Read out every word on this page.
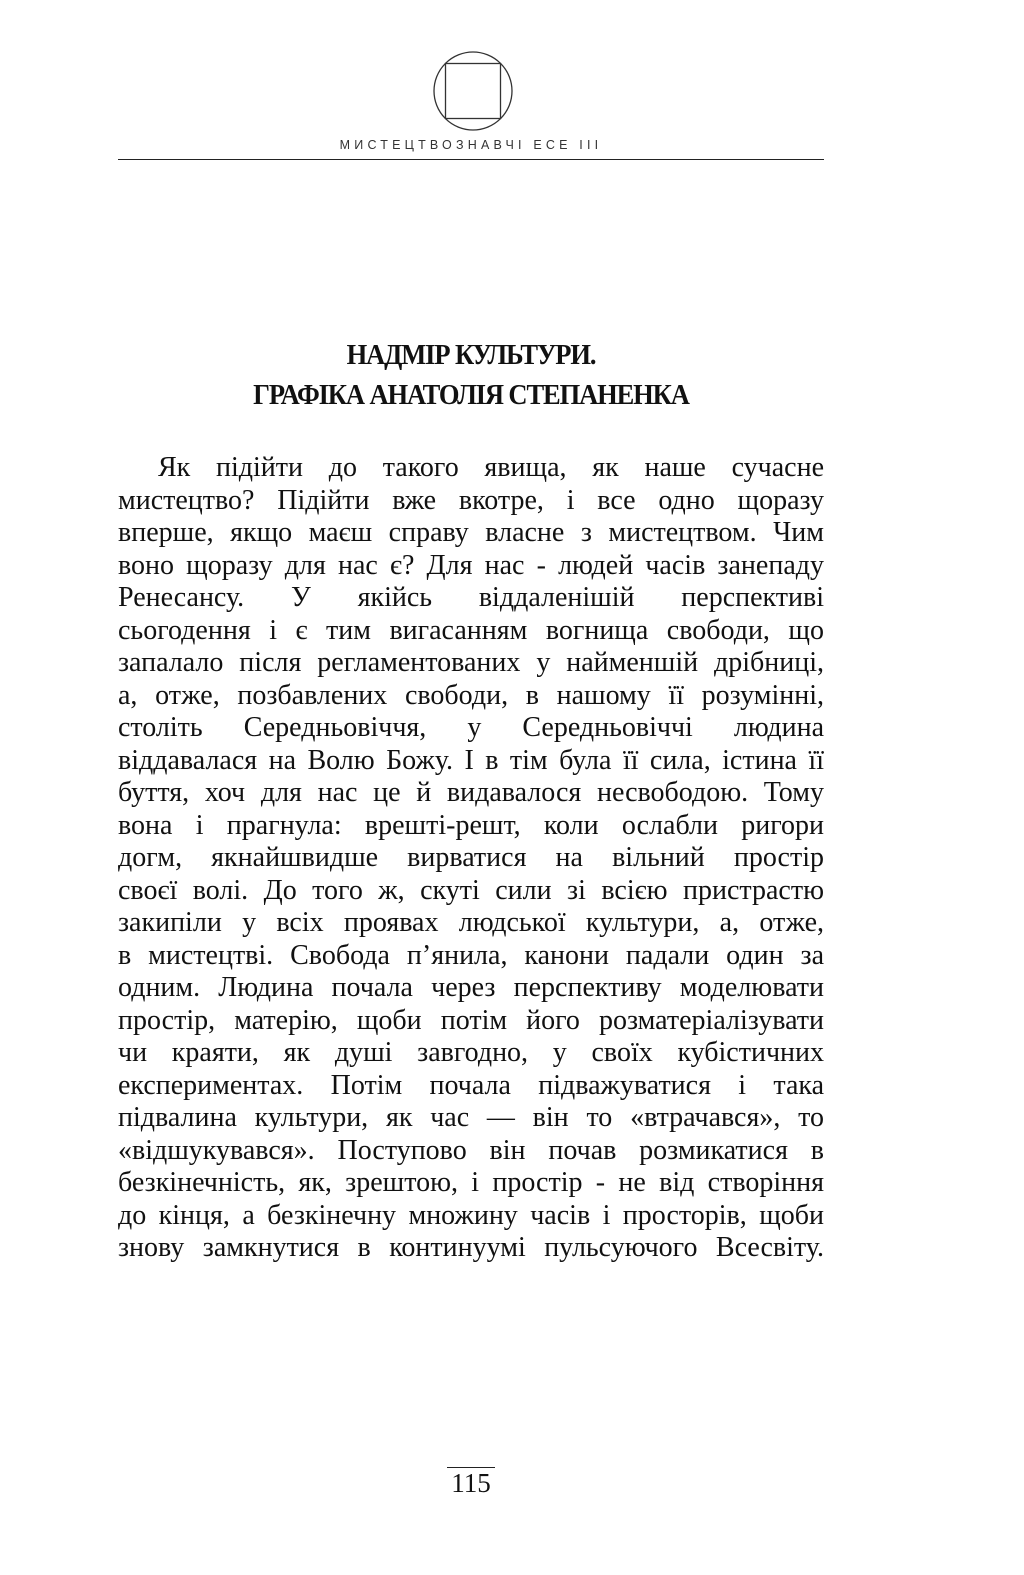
МИСТЕЦТВОЗНАВЧІ ЕСЕ ІІІ
НАДМІР КУЛЬТУРИ.
ГРАФІКА АНАТОЛІЯ СТЕПАНЕНКА
Як підійти до такого явища, як наше сучасне
мистецтво? Підійти вже вкотре, і все одно щоразу
вперше, якщо маєш справу власне з мистецтвом. Чим
воно щоразу для нас є? Для нас - людей часів занепаду
Ренесансу. У якійсь віддаленішій перспективі
сьогодення і є тим вигасанням вогнища свободи, що
запалало після регламентованих у найменшій дрібниці,
а, отже, позбавлених свободи, в нашому її розумінні,
століть Середньовіччя, у Середньовіччі людина
віддавалася на Волю Божу. І в тім була її сила, істина її
буття, хоч для нас це й видавалося несвободою. Тому
вона і прагнула: врешті-решт, коли ослабли ригори
догм, якнайшвидше вирватися на вільний простір
своєї волі. До того ж, скуті сили зі всією пристрастю
закипіли у всіх проявах людської культури, а, отже,
в мистецтві. Свобода п’янила, канони падали один за
одним. Людина почала через перспективу моделювати
простір, матерію, щоби потім його розматеріалізувати
чи краяти, як душі завгодно, у своїх кубістичних
експериментах. Потім почала підважуватися і така
підвалина культури, як час — він то «втрачався», то
«відшукувався». Поступово він почав розмикатися в
безкінечність, як, зрештою, і простір - не від створіння
до кінця, а безкінечну множину часів і просторів, щоби
знову замкнутися в континуумі пульсуючого Всесвіту.
115
